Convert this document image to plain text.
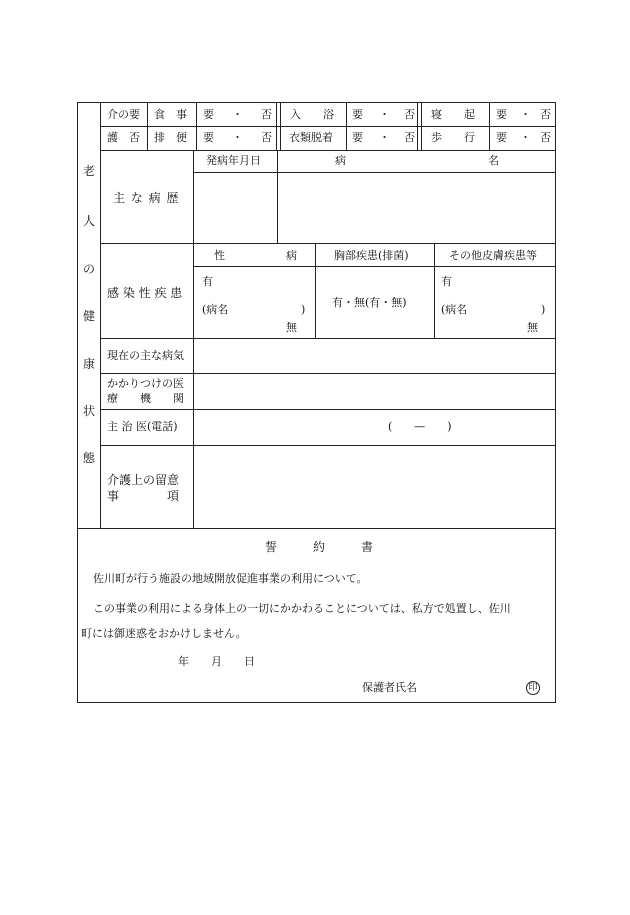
老
人
の
健
康
状
態
介の要
護　否
食　事 要 ・ 否 入　　浴 要 ・ 否 寝　　起 要 ・ 否
排　便 要 ・ 否 衣類脱着 要 ・ 否 歩　　行 要 ・ 否
主 な 病 歴
発病年月日	病	名
感 染 性 疾 患
性	病	胸部疾患(排菌)	その他皮膚疾患等
有
(病名	)
無
有・無(有・無)
有
(病名	)
無
現在の主な病気
かかりつけの医
療　　機　　関
主 治 医(電話)	(　　—　　)
介護上の留意
事　　　　項
誓　　　約　　　書
佐川町が行う施設の地域開放促進事業の利用について。
この事業の利用による身体上の一切にかかわることについては、私方で処置し、佐川
町には御迷惑をおかけしません。
年　　月　　日
保護者氏名	印
